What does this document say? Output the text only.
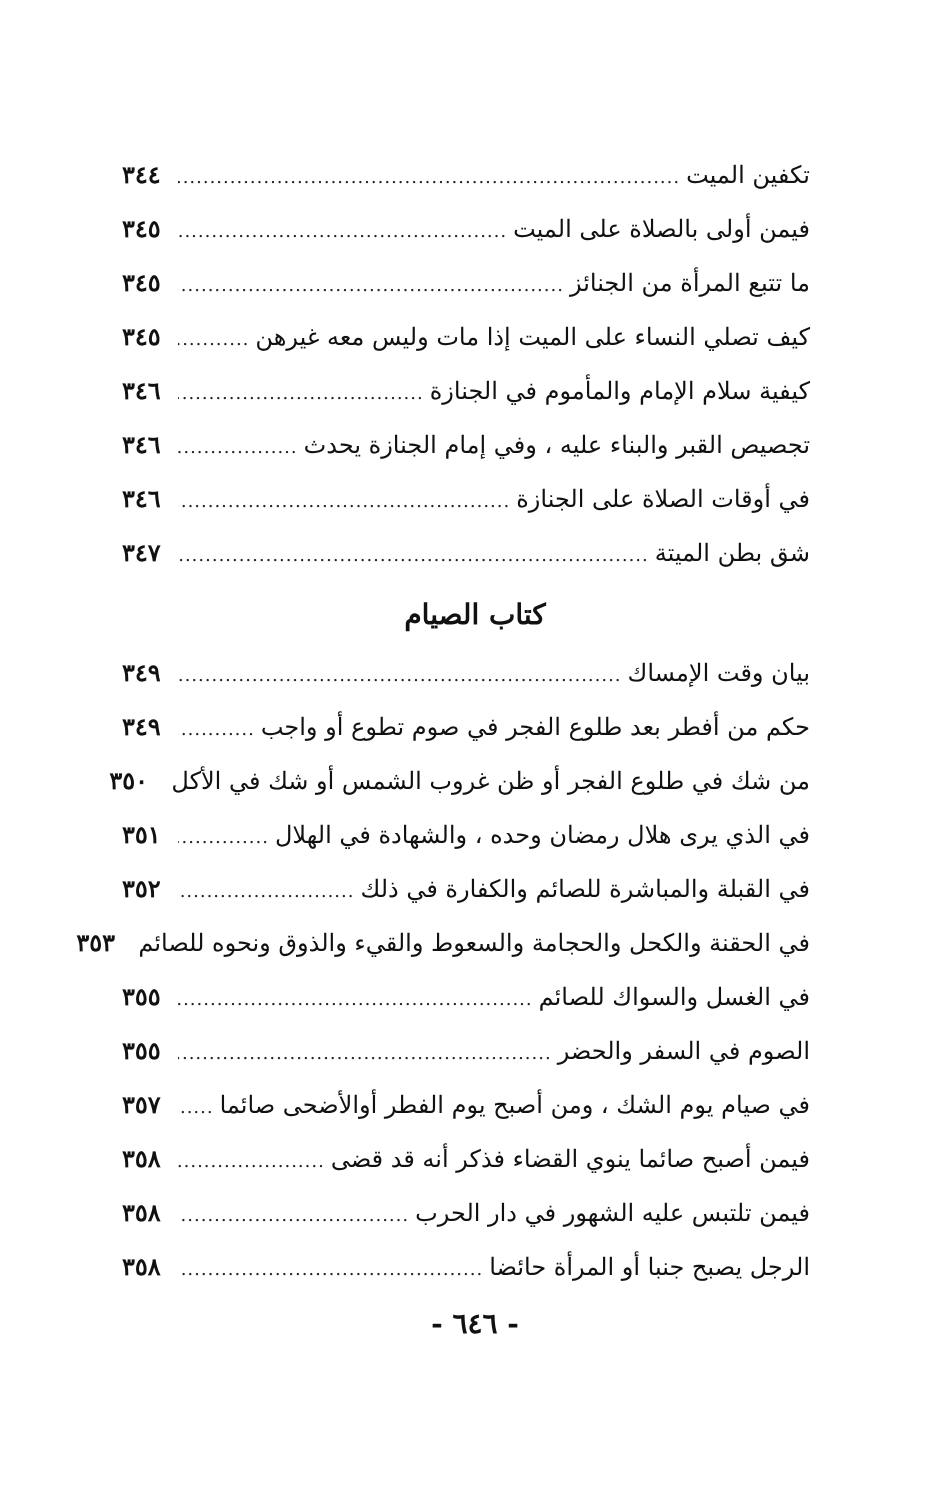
تكفين الميت
.....
٣٤٤
فيمن أولى بالصلاة على الميت
.....
٣٤٥
ما تتبع المرأة من الجنائز
.....
٣٤٥
كيف تصلي النساء على الميت إذا مات وليس معه غيرهن
.....
٣٤٥
كيفية سلام الإمام والمأموم في الجنازة
.....
٣٤٦
تجصيص القبر والبناء عليه ، وفي إمام الجنازة يحدث
.....
٣٤٦
في أوقات الصلاة على الجنازة
.....
٣٤٦
شق بطن الميتة
.....
٣٤٧
كتاب الصيام
بيان وقت الإمساك
.....
٣٤٩
حكم من أفطر بعد طلوع الفجر في صوم تطوع أو واجب
.....
٣٤٩
من شك في طلوع الفجر أو ظن غروب الشمس أو شك في الأكل
٣٥٠
في الذي يرى هلال رمضان وحده ، والشهادة في الهلال
.....
٣٥١
في القبلة والمباشرة للصائم والكفارة في ذلك
.....
٣٥٢
في الحقنة والكحل والحجامة والسعوط والقيء والذوق ونحوه للصائم
٣٥٣
في الغسل والسواك للصائم
.....
٣٥٥
الصوم في السفر والحضر
.....
٣٥٥
في صيام يوم الشك ، ومن أصبح يوم الفطر أوالأضحى صائما
.....
٣٥٧
فيمن أصبح صائما ينوي القضاء فذكر أنه قد قضى
.....
٣٥٨
فيمن تلتبس عليه الشهور في دار الحرب
.....
٣٥٨
الرجل يصبح جنبا أو المرأة حائضا
.....
٣٥٨
- ٦٤٦ -
